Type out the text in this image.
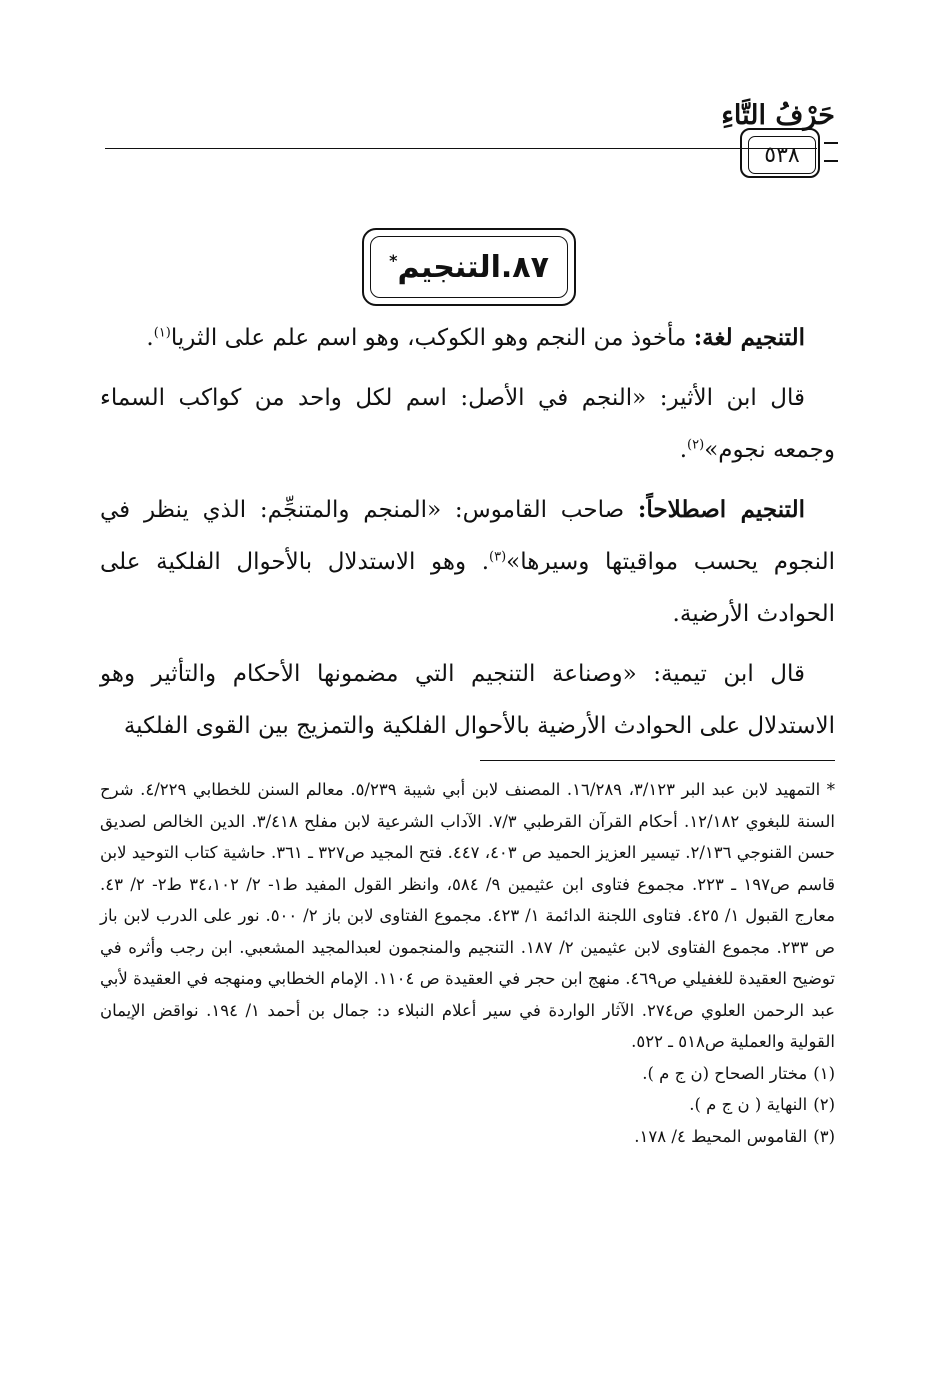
حَرْفُ التَّاءِ
٥٣٨
٨٧.التنجيم*

التنجيم لغة: مأخوذ من النجم وهو الكوكب، وهو اسم علم على الثريا$^{(١)}$.

قال ابن الأثير: «النجم في الأصل: اسم لكل واحد من كواكب السماء وجمعه نجوم»$^{(٢)}$.

التنجيم اصطلاحاً: صاحب القاموس: «المنجم والمتنجِّم: الذي ينظر في النجوم يحسب مواقيتها وسيرها»$^{(٣)}$. وهو الاستدلال بالأحوال الفلكية على الحوادث الأرضية.

قال ابن تيمية: «وصناعة التنجيم التي مضمونها الأحكام والتأثير وهو الاستدلال على الحوادث الأرضية بالأحوال الفلكية والتمزيج بين القوى الفلكية

* التمهيد لابن عبد البر ٣/١٢٣، ١٦/٢٨٩. المصنف لابن أبي شيبة ٥/٢٣٩. معالم السنن للخطابي ٤/٢٢٩. شرح السنة للبغوي ١٢/١٨٢. أحكام القرآن القرطبي ٧/٣. الآداب الشرعية لابن مفلح ٣/٤١٨. الدين الخالص لصديق حسن القنوجي ٢/١٣٦. تيسير العزيز الحميد ص ٤٠٣، ٤٤٧. فتح المجيد ص٣٢٧ ـ ٣٦١. حاشية كتاب التوحيد لابن قاسم ص١٩٧ ـ ٢٢٣. مجموع فتاوى ابن عثيمين ٩/ ٥٨٤، وانظر القول المفيد ط١- ٢/ ٣٤،١٠٢ ط٢- ٢/ ٤٣. معارج القبول ١/ ٤٢٥. فتاوى اللجنة الدائمة ١/ ٤٢٣. مجموع الفتاوى لابن باز ٢/ ٥٠٠. نور على الدرب لابن باز ص ٢٣٣. مجموع الفتاوى لابن عثيمين ٢/ ١٨٧. التنجيم والمنجمون لعبدالمجيد المشعبي. ابن رجب وأثره في توضيح العقيدة للغفيلي ص٤٦٩. منهج ابن حجر في العقيدة ص ١١٠٤. الإمام الخطابي ومنهجه في العقيدة لأبي عبد الرحمن العلوي ص٢٧٤. الآثار الواردة في سير أعلام النبلاء د: جمال بن أحمد ١/ ١٩٤. نواقض الإيمان القولية والعملية ص٥١٨ ـ ٥٢٢.

(١)مختار الصحاح (ن ج م ).

(٢)النهاية ( ن ج م ).

(٣)القاموس المحيط ٤/ ١٧٨.
